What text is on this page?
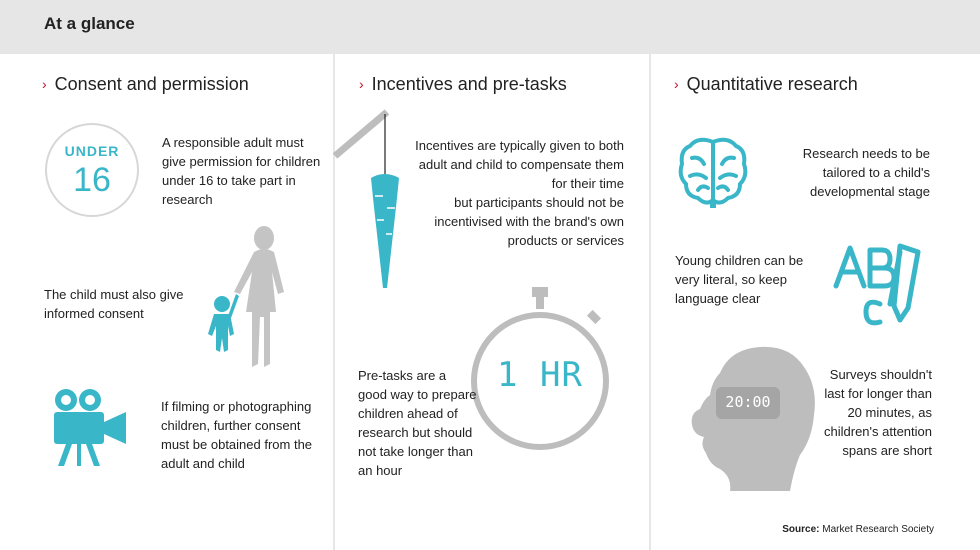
At a glance
› Consent and permission	› Incentives and pre-tasks	› Quantitative research
UNDER
16
A responsible adult must give permission for children under 16 to take part in research
The child must also give informed consent
If filming or photographing children, further consent must be obtained from the adult and child
Incentives are typically given to both adult and child to compensate them for their time
but participants should not be incentivised with the brand's own products or services
1 HR
Pre-tasks are a good way to prepare children ahead of research but should not take longer than an hour
Research needs to be tailored to a child's developmental stage
Young children can be very literal, so keep language clear
20:00
Surveys shouldn't last for longer than 20 minutes, as children's attention spans are short
Source: Market Research Society
